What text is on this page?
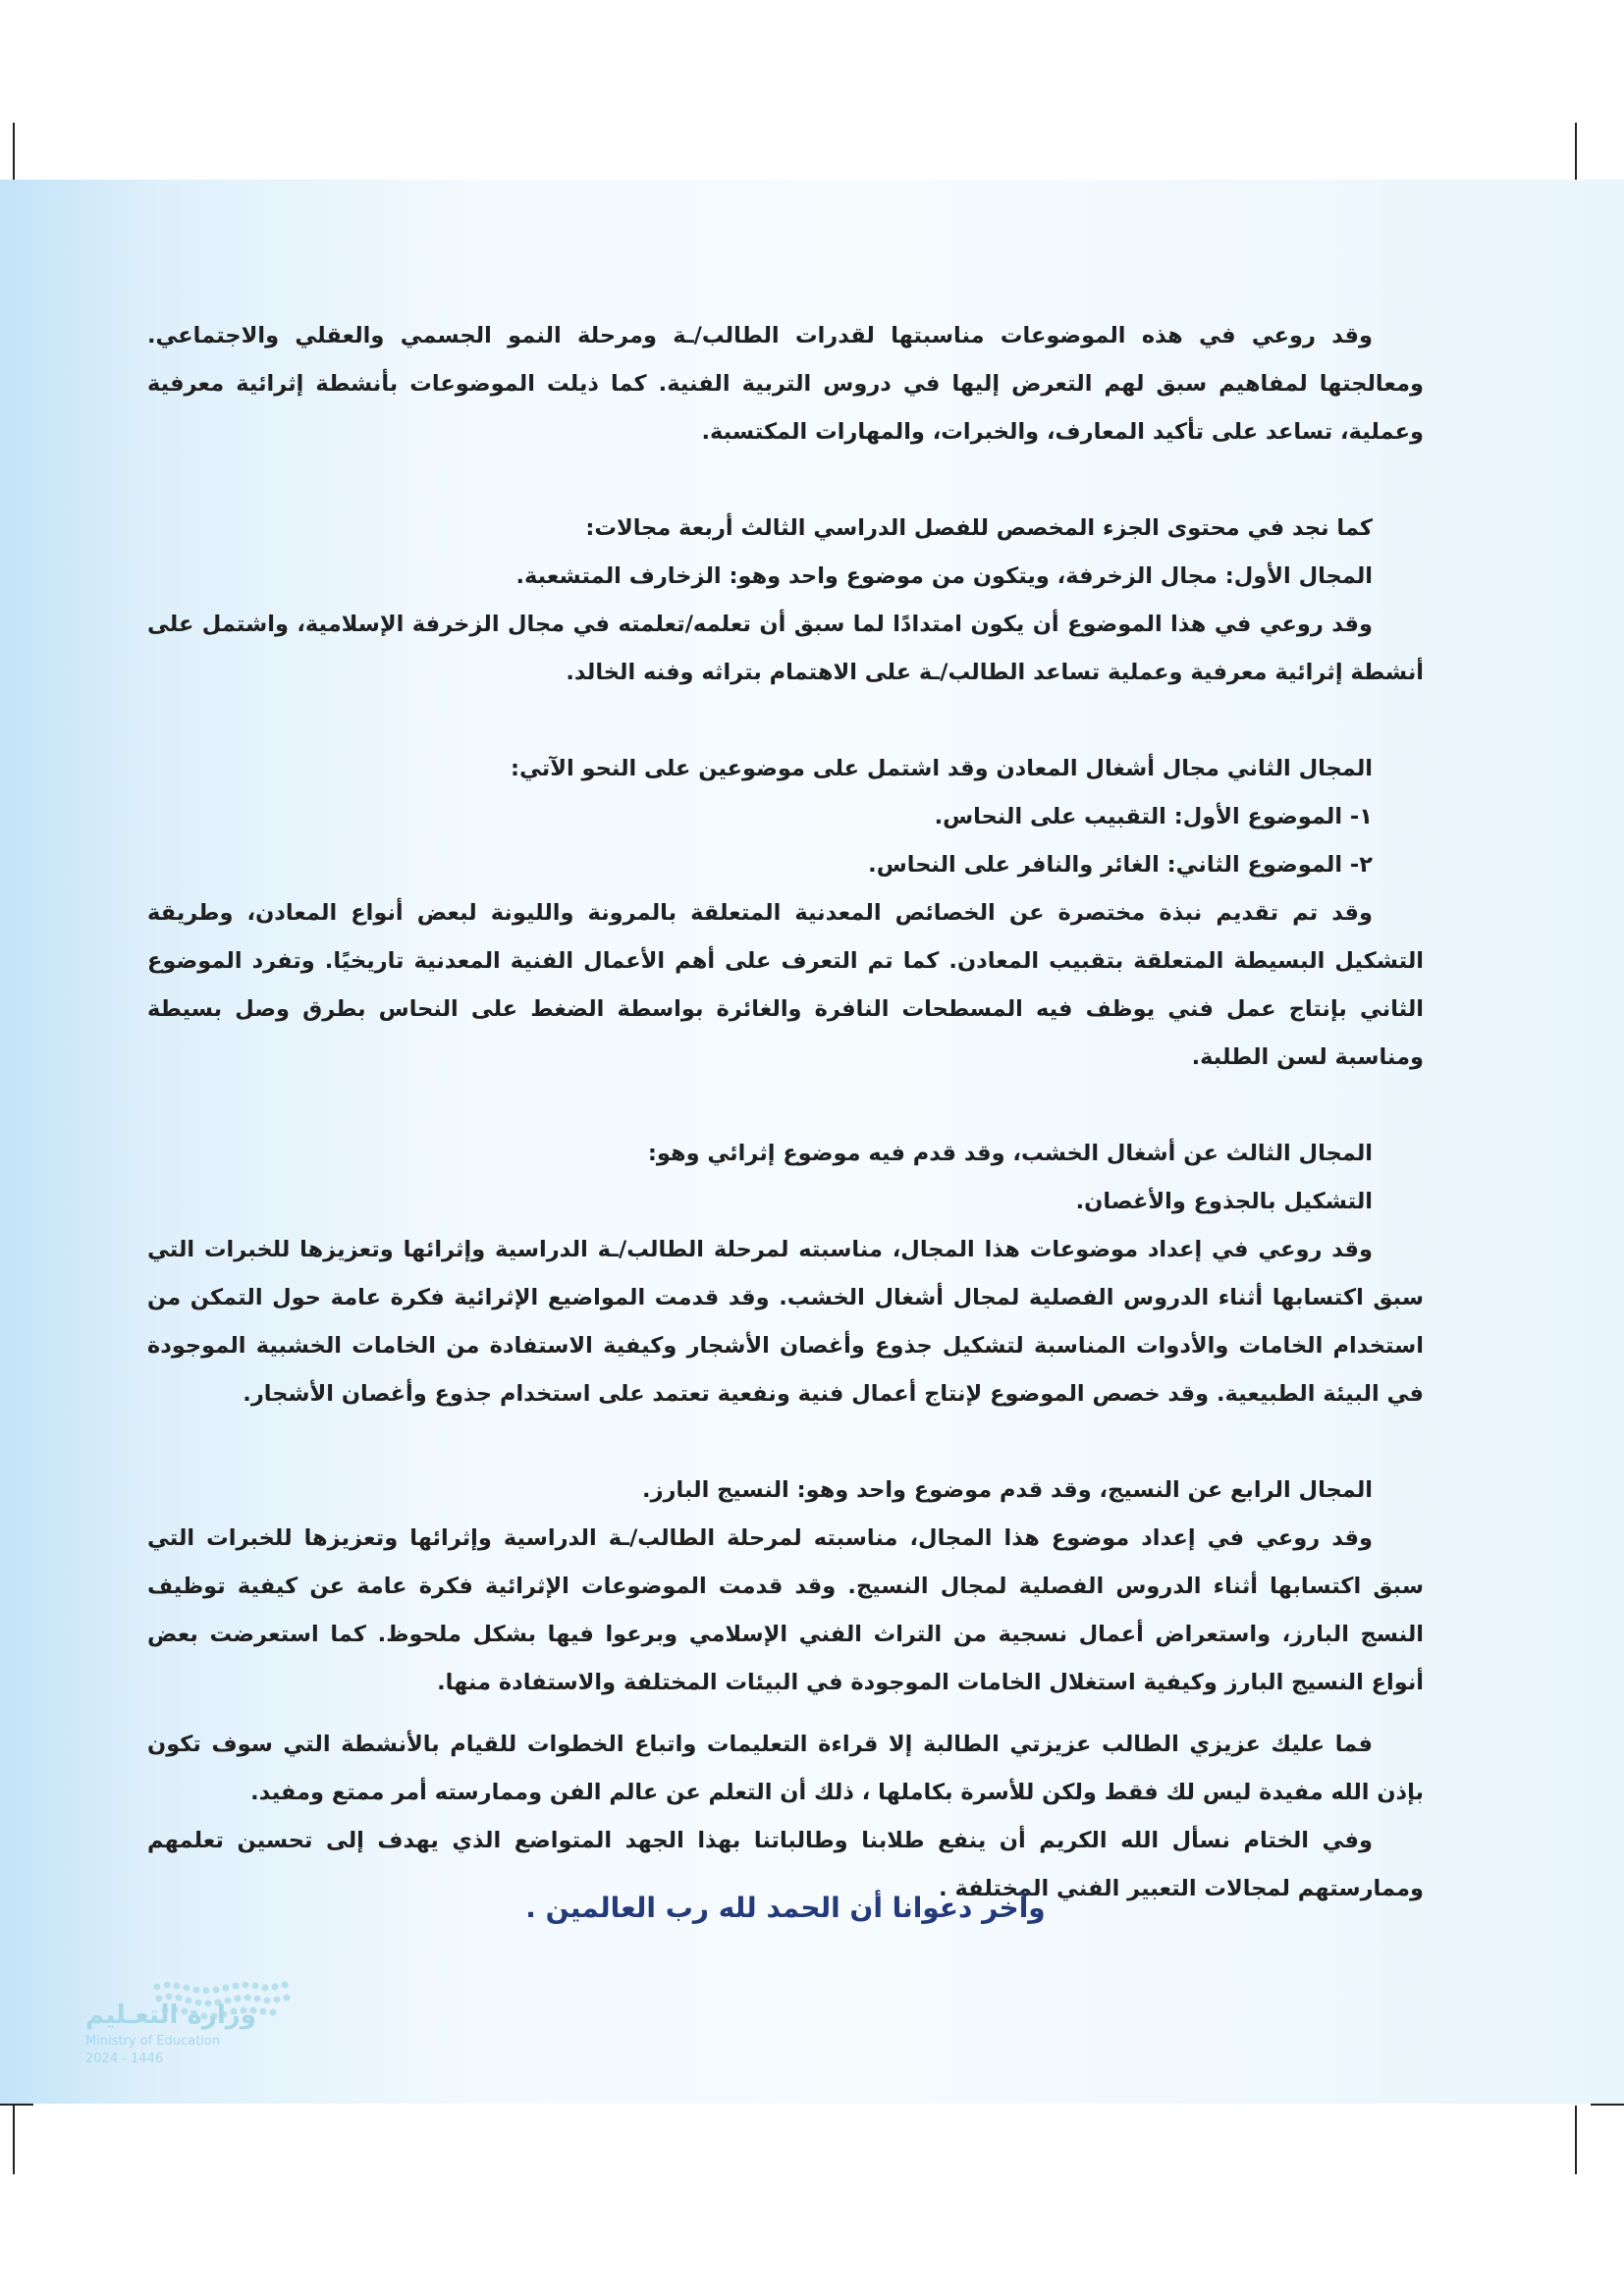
وقد روعي في هذه الموضوعات مناسبتها لقدرات الطالب/ـة ومرحلة النمو الجسمي والعقلي والاجتماعي. ومعالجتها لمفاهيم سبق لهم التعرض إليها في دروس التربية الفنية. كما ذيلت الموضوعات بأنشطة إثرائية معرفية وعملية، تساعد على تأكيد المعارف، والخبرات، والمهارات المكتسبة.

كما نجد في محتوى الجزء المخصص للفصل الدراسي الثالث أربعة مجالات:

المجال الأول: مجال الزخرفة، ويتكون من موضوع واحد وهو: الزخارف المتشعبة.

وقد روعي في هذا الموضوع أن يكون امتدادًا لما سبق أن تعلمه/تعلمته في مجال الزخرفة الإسلامية، واشتمل على أنشطة إثرائية معرفية وعملية تساعد الطالب/ـة على الاهتمام بتراثه وفنه الخالد.

المجال الثاني مجال أشغال المعادن وقد اشتمل على موضوعين على النحو الآتي:

١- الموضوع الأول: التقبيب على النحاس.

٢- الموضوع الثاني: الغائر والنافر على النحاس.

وقد تم تقديم نبذة مختصرة عن الخصائص المعدنية المتعلقة بالمرونة والليونة لبعض أنواع المعادن، وطريقة التشكيل البسيطة المتعلقة بتقبيب المعادن. كما تم التعرف على أهم الأعمال الفنية المعدنية تاريخيًا. وتفرد الموضوع الثاني بإنتاج عمل فني يوظف فيه المسطحات النافرة والغائرة بواسطة الضغط على النحاس بطرق وصل بسيطة ومناسبة لسن الطلبة.

المجال الثالث عن أشغال الخشب، وقد قدم فيه موضوع إثرائي وهو:

التشكيل بالجذوع والأغصان.

وقد روعي في إعداد موضوعات هذا المجال، مناسبته لمرحلة الطالب/ـة الدراسية وإثرائها وتعزيزها للخبرات التي سبق اكتسابها أثناء الدروس الفصلية لمجال أشغال الخشب. وقد قدمت المواضيع الإثرائية فكرة عامة حول التمكن من استخدام الخامات والأدوات المناسبة لتشكيل جذوع وأغصان الأشجار وكيفية الاستفادة من الخامات الخشبية الموجودة في البيئة الطبيعية. وقد خصص الموضوع لإنتاج أعمال فنية ونفعية تعتمد على استخدام جذوع وأغصان الأشجار.

المجال الرابع عن النسيج، وقد قدم موضوع واحد وهو: النسيج البارز.

وقد روعي في إعداد موضوع هذا المجال، مناسبته لمرحلة الطالب/ـة الدراسية وإثرائها وتعزيزها للخبرات التي سبق اكتسابها أثناء الدروس الفصلية لمجال النسيج. وقد قدمت الموضوعات الإثرائية فكرة عامة عن كيفية توظيف النسج البارز، واستعراض أعمال نسجية من التراث الفني الإسلامي وبرعوا فيها بشكل ملحوظ. كما استعرضت بعض أنواع النسيج البارز وكيفية استغلال الخامات الموجودة في البيئات المختلفة والاستفادة منها.

فما عليك عزيزي الطالب عزيزتي الطالبة إلا قراءة التعليمات واتباع الخطوات للقيام بالأنشطة التي سوف تكون بإذن الله مفيدة ليس لك فقط ولكن للأسرة بكاملها ، ذلك أن التعلم عن عالم الفن وممارسته أمر ممتع ومفيد.

وفي الختام نسأل الله الكريم أن ينفع طلابنا وطالباتنا بهذا الجهد المتواضع الذي يهدف إلى تحسين تعلمهم وممارستهم لمجالات التعبير الفني المختلفة .

وآخر دعوانا أن الحمد لله رب العالمين .
وزارة التعـليم
Ministry of Education
2024 - 1446
